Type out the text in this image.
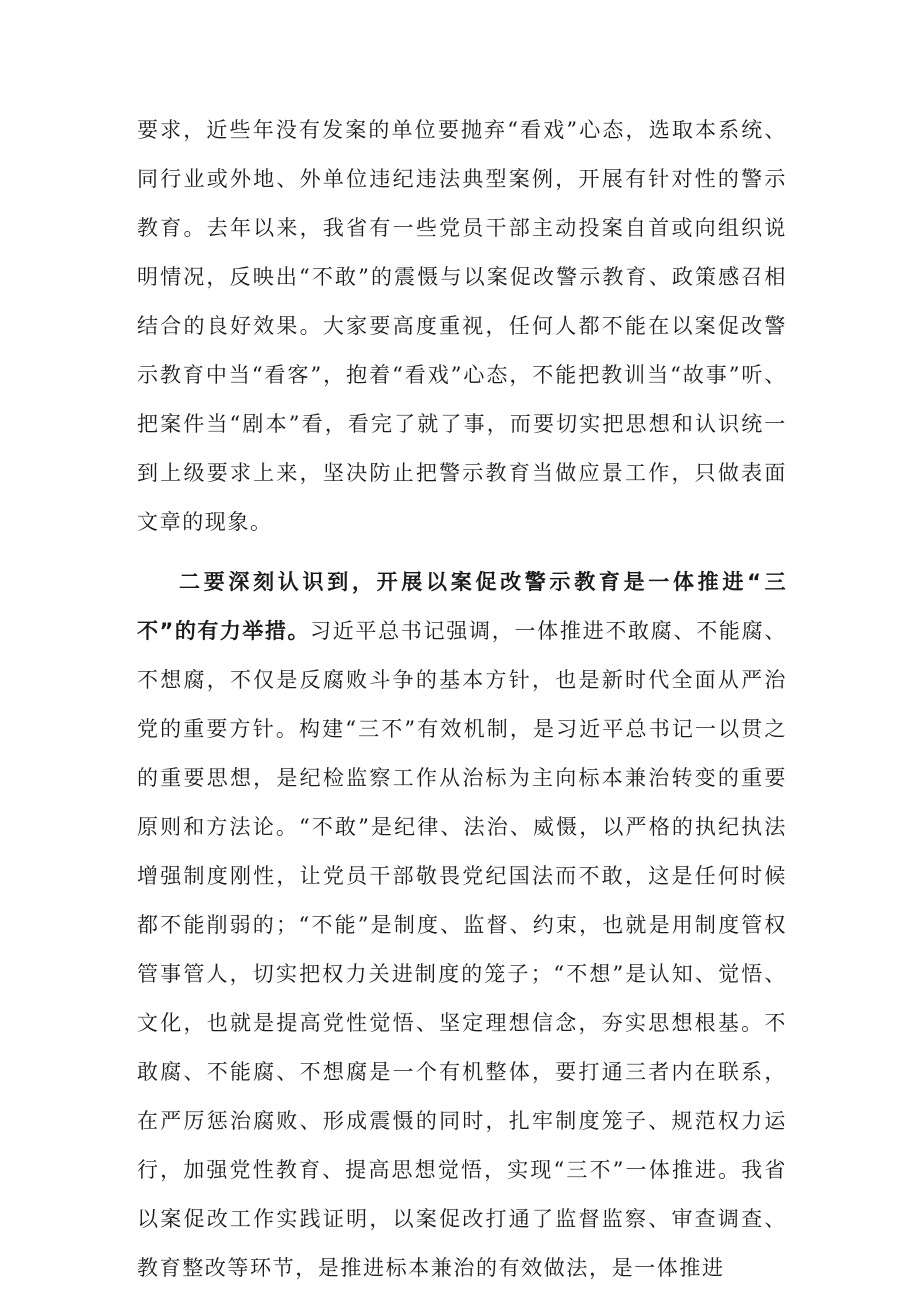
要求，近些年没有发案的单位要抛弃“看戏”心态，选取本系统、同行业或外地、外单位违纪违法典型案例，开展有针对性的警示教育。去年以来，我省有一些党员干部主动投案自首或向组织说明情况，反映出“不敢”的震慑与以案促改警示教育、政策感召相结合的良好效果。大家要高度重视，任何人都不能在以案促改警示教育中当“看客”，抱着“看戏”心态，不能把教训当“故事”听、把案件当“剧本”看，看完了就了事，而要切实把思想和认识统一到上级要求上来，坚决防止把警示教育当做应景工作，只做表面文章的现象。

二要深刻认识到，开展以案促改警示教育是一体推进“三不”的有力举措。习近平总书记强调，一体推进不敢腐、不能腐、不想腐，不仅是反腐败斗争的基本方针，也是新时代全面从严治党的重要方针。构建“三不”有效机制，是习近平总书记一以贯之的重要思想，是纪检监察工作从治标为主向标本兼治转变的重要原则和方法论。“不敢”是纪律、法治、威慑，以严格的执纪执法增强制度刚性，让党员干部敬畏党纪国法而不敢，这是任何时候都不能削弱的；“不能”是制度、监督、约束，也就是用制度管权管事管人，切实把权力关进制度的笼子；“不想”是认知、觉悟、文化，也就是提高党性觉悟、坚定理想信念，夯实思想根基。不敢腐、不能腐、不想腐是一个有机整体，要打通三者内在联系，在严厉惩治腐败、形成震慑的同时，扎牢制度笼子、规范权力运行，加强党性教育、提高思想觉悟，实现“三不”一体推进。我省以案促改工作实践证明，以案促改打通了监督监察、审查调查、教育整改等环节，是推进标本兼治的有效做法，是一体推进
